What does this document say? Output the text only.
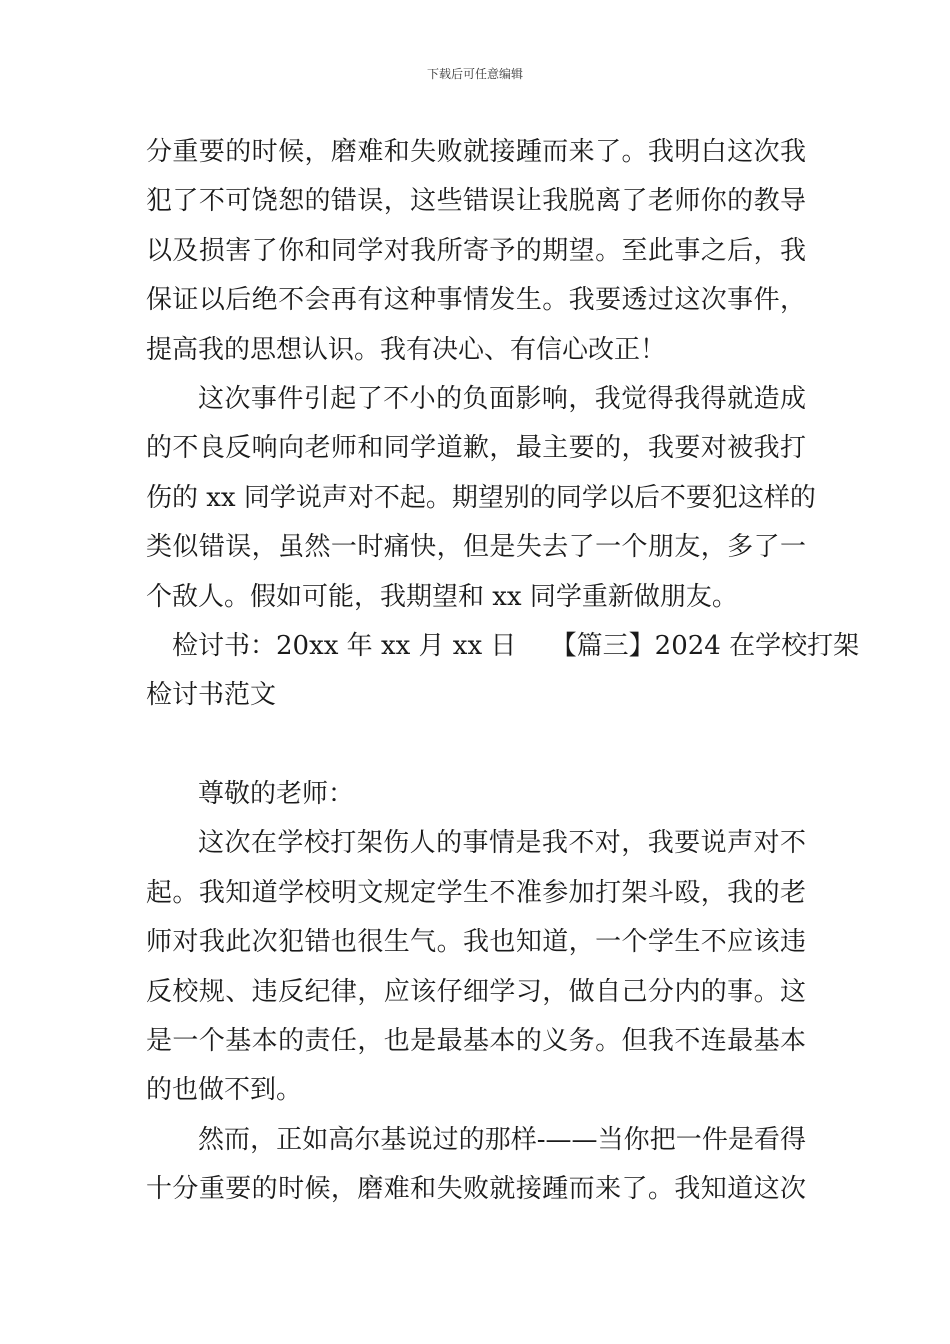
下载后可任意编辑
分重要的时候，磨难和失败就接踵而来了。我明白这次我
犯了不可饶恕的错误，这些错误让我脱离了老师你的教导
以及损害了你和同学对我所寄予的期望。至此事之后，我
保证以后绝不会再有这种事情发生。我要透过这次事件，
提高我的思想认识。我有决心、有信心改正！
这次事件引起了不小的负面影响，我觉得我得就造成
的不良反响向老师和同学道歉，最主要的，我要对被我打
伤的 xx 同学说声对不起。期望别的同学以后不要犯这样的
类似错误，虽然一时痛快，但是失去了一个朋友，多了一
个敌人。假如可能，我期望和 xx 同学重新做朋友。
检讨书：20xx 年 xx 月 xx 日　 【篇三】2024 在学校打架
检讨书范文
尊敬的老师：
这次在学校打架伤人的事情是我不对，我要说声对不
起。我知道学校明文规定学生不准参加打架斗殴，我的老
师对我此次犯错也很生气。我也知道，一个学生不应该违
反校规、违反纪律，应该仔细学习，做自己分内的事。这
是一个基本的责任，也是最基本的义务。但我不连最基本
的也做不到。
然而，正如高尔基说过的那样-——当你把一件是看得
十分重要的时候，磨难和失败就接踵而来了。我知道这次
